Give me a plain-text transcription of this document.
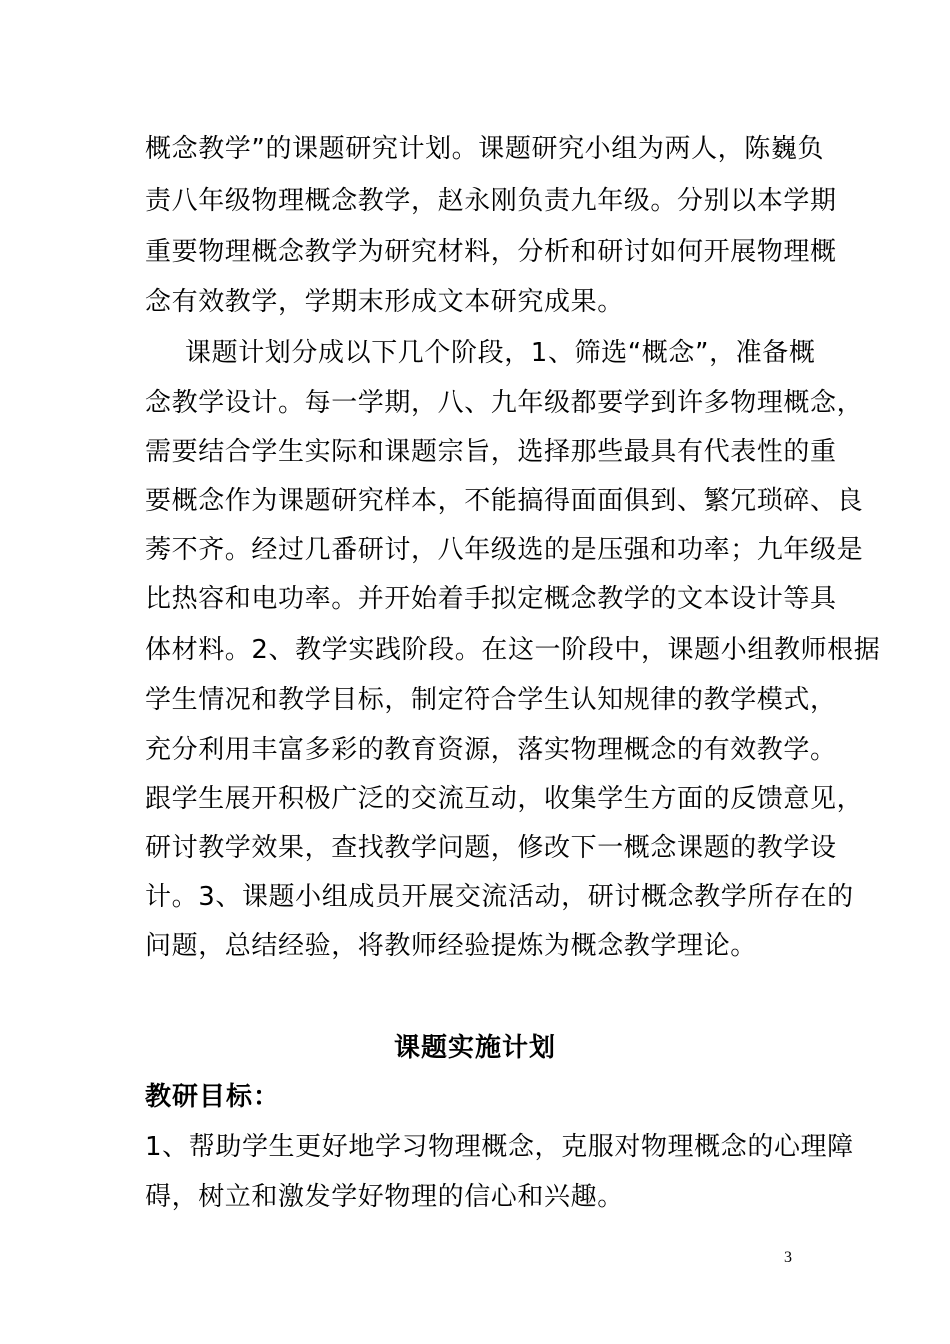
概念教学”的课题研究计划。课题研究小组为两人，陈巍负
责八年级物理概念教学，赵永刚负责九年级。分别以本学期
重要物理概念教学为研究材料，分析和研讨如何开展物理概
念有效教学，学期末形成文本研究成果。
课题计划分成以下几个阶段，1、筛选“概念”，准备概
念教学设计。每一学期，八、九年级都要学到许多物理概念，
需要结合学生实际和课题宗旨，选择那些最具有代表性的重
要概念作为课题研究样本，不能搞得面面俱到、繁冗琐碎、良
莠不齐。经过几番研讨，八年级选的是压强和功率；九年级是
比热容和电功率。并开始着手拟定概念教学的文本设计等具
体材料。2、教学实践阶段。在这一阶段中，课题小组教师根据
学生情况和教学目标，制定符合学生认知规律的教学模式，
充分利用丰富多彩的教育资源，落实物理概念的有效教学。
跟学生展开积极广泛的交流互动，收集学生方面的反馈意见，
研讨教学效果，查找教学问题，修改下一概念课题的教学设
计。3、课题小组成员开展交流活动，研讨概念教学所存在的
问题，总结经验，将教师经验提炼为概念教学理论。
课题实施计划
教研目标：
1、帮助学生更好地学习物理概念，克服对物理概念的心理障
碍，树立和激发学好物理的信心和兴趣。
3
